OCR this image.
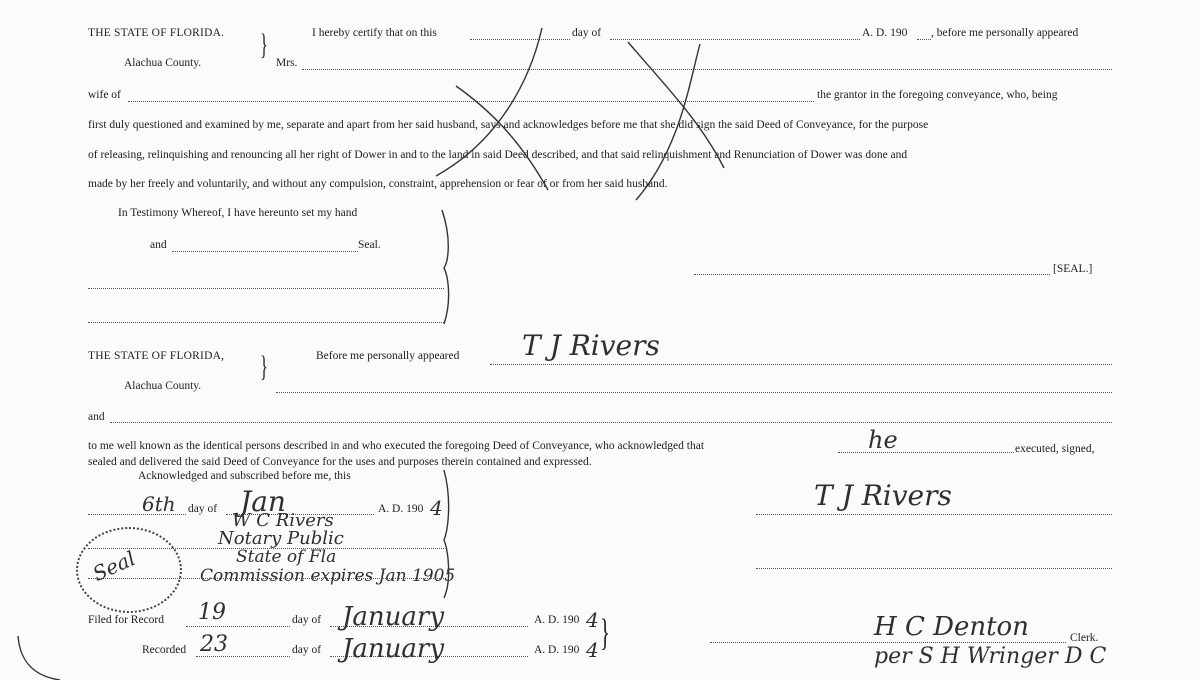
THE STATE OF FLORIDA.
Alachua County.
}	I hereby certify that on this	day of	A. D. 190 , before me personally appeared
Mrs.
wife of	the grantor in the foregoing conveyance, who, being
first duly questioned and examined by me, separate and apart from her said husband, says and acknowledges before me that she did sign the said Deed of Conveyance, for the purpose
of releasing, relinquishing and renouncing all her right of Dower in and to the land in said Deed described, and that said relinquishment and Renunciation of Dower was done and
made by her freely and voluntarily, and without any compulsion, constraint, apprehension or fear of or from her said husband.
In Testimony Whereof, I have hereunto set my hand
and	Seal.
[SEAL.]
THE STATE OF FLORIDA,
Alachua County.
}	Before me personally appeared T J Rivers
and
to me well known as the identical persons described in and who executed the foregoing Deed of Conveyance, who acknowledged that	he	executed, signed,
sealed and delivered the said Deed of Conveyance for the uses and purposes therein contained and expressed.
Acknowledged and subscribed before me, this
6th day of Jan	A. D. 190 4
W C Rivers
Notary Public
State of Fla
Commission expires Jan 1905
Seal
T J Rivers
Filed for Record 19	day of January	A. D. 190 4
Recorded 23	day of January	A. D. 190 4 }	H C Denton	Clerk.
per S H Wringer D C
